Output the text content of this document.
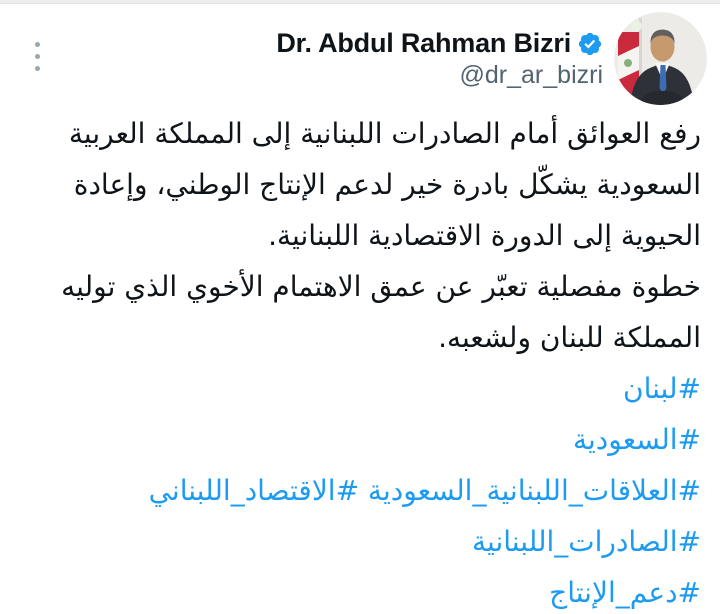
Dr. Abdul Rahman Bizri
@dr_ar_bizri
رفع العوائق أمام الصادرات اللبنانية إلى المملكة العربية
السعودية يشكّل بادرة خير لدعم الإنتاج الوطني، وإعادة
الحيوية إلى الدورة الاقتصادية اللبنانية.
خطوة مفصلية تعبّر عن عمق الاهتمام الأخوي الذي توليه
المملكة للبنان ولشعبه.
#لبنان
#السعودية
#العلاقات_اللبنانية_السعودية #الاقتصاد_اللبناني
#الصادرات_اللبنانية
#دعم_الإنتاج
